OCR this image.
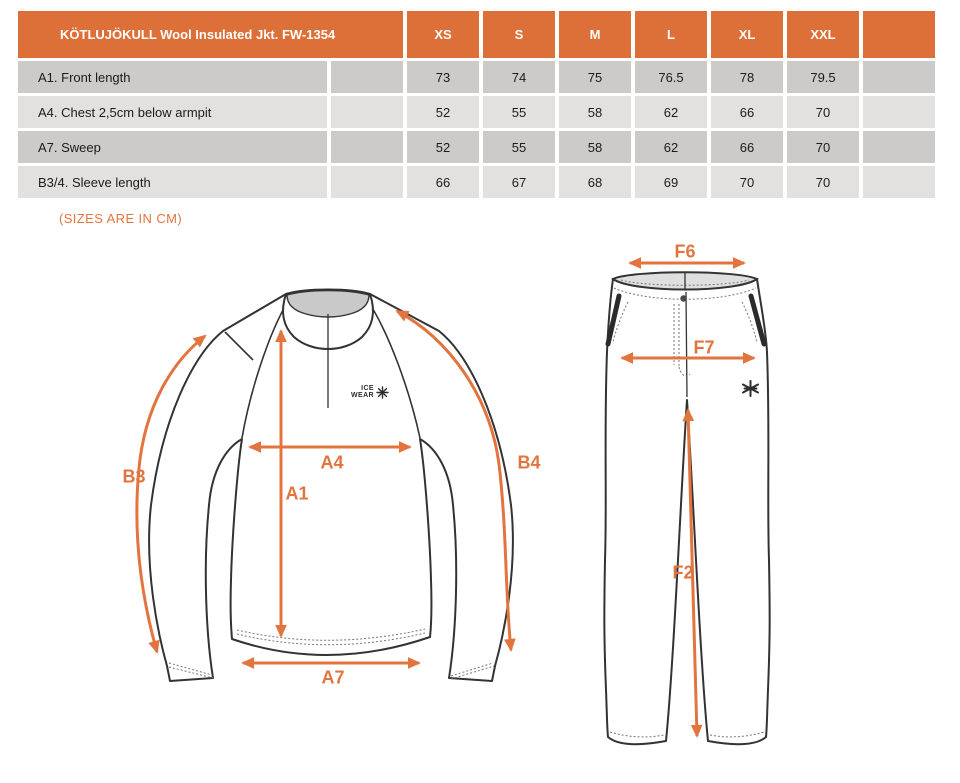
KÖTLUJÖKULL Wool Insulated Jkt. FW-1354	XS	S	M	L	XL	XXL
A1. Front length	73	74	75	76.5	78	79.5
A4. Chest 2,5cm below armpit	52	55	58	62	66	70
A7. Sweep	52	55	58	62	66	70
B3/4. Sleeve length	66	67	68	69	70	70
(SIZES ARE IN CM)
B3
B4
A4
A1
A7
F6
F7
F2
ICE
WEAR
